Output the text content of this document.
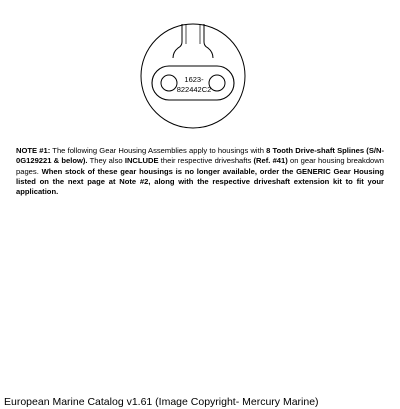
1623-
822442C2

NOTE #1: The following Gear Housing Assemblies apply to housings with 8 Tooth Drive-shaft Splines (S/N-0G129221 & below). They also INCLUDE their respective driveshafts (Ref. #41) on gear housing breakdown pages. When stock of these gear housings is no longer available, order the GENERIC Gear Housing listed on the next page at Note #2, along with the respective driveshaft extension kit to fit your application.

European Marine Catalog v1.61 (Image Copyright- Mercury Marine)
